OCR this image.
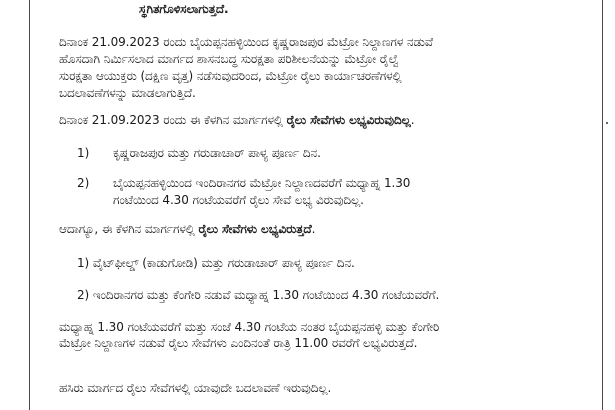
ಸ್ಥಗಿತಗೊಳಿಸಲಾಗುತ್ತದೆ.
ದಿನಾಂಕ 21.09.2023 ರಂದು ಬೈಯಪ್ಪನಹಳ್ಳಿಯಿಂದ ಕೃಷ್ಣರಾಜಪುರ ಮೆಟ್ರೋ ನಿಲ್ದಾಣಗಳ ನಡುವೆ
ಹೊಸದಾಗಿ ನಿರ್ಮಿಸಲಾದ ಮಾರ್ಗದ ಶಾಸನಬದ್ಧ ಸುರಕ್ಷತಾ ಪರಿಶೀಲನೆಯನ್ನು ಮೆಟ್ರೋ ರೈಲ್ವೆ
ಸುರಕ್ಷತಾ ಆಯುಕ್ತರು (ದಕ್ಷಿಣ ವೃತ್ತ) ನಡೆಸುವುದರಿಂದ, ಮೆಟ್ರೋ ರೈಲು ಕಾರ್ಯಾಚರಣೆಗಳಲ್ಲಿ
ಬದಲಾವಣೆಗಳನ್ನು ಮಾಡಲಾಗುತ್ತಿದೆ.
ದಿನಾಂಕ 21.09.2023 ರಂದು ಈ ಕೆಳಗಿನ ಮಾರ್ಗಗಳಲ್ಲಿ ರೈಲು ಸೇವೆಗಳು ಲಭ್ಯವಿರುವುದಿಲ್ಲ.
1) ಕೃಷ್ಣರಾಜಪುರ ಮತ್ತು ಗರುಡಾಚಾರ್ ಪಾಳ್ಯ ಪೂರ್ಣ ದಿನ.
2) ಬೈಯಪ್ಪನಹಳ್ಳಿಯಿಂದ ಇಂದಿರಾನಗರ ಮೆಟ್ರೋ ನಿಲ್ದಾಣದವರೆಗೆ ಮಧ್ಯಾಹ್ನ 1.30
ಗಂಟೆಯಿಂದ 4.30 ಗಂಟೆಯವರೆಗೆ ರೈಲು ಸೇವೆ ಲಭ್ಯ ವಿರುವುದಿಲ್ಲ.
ಆದಾಗ್ಯೂ, ಈ ಕೆಳಗಿನ ಮಾರ್ಗಗಳಲ್ಲಿ ರೈಲು ಸೇವೆಗಳು ಲಭ್ಯವಿರುತ್ತದೆ.
1) ವೈಟ್‌ಫೀಲ್ಡ್ (ಕಾಡುಗೋಡಿ) ಮತ್ತು ಗರುಡಾಚಾರ್ ಪಾಳ್ಯ ಪೂರ್ಣ ದಿನ.
2) ಇಂದಿರಾನಗರ ಮತ್ತು ಕೆಂಗೇರಿ ನಡುವೆ ಮಧ್ಯಾಹ್ನ 1.30 ಗಂಟೆಯಿಂದ 4.30 ಗಂಟೆಯವರೆಗೆ.
ಮಧ್ಯಾಹ್ನ 1.30 ಗಂಟೆಯವರೆಗೆ ಮತ್ತು ಸಂಜೆ 4.30 ಗಂಟೆಯ ನಂತರ ಬೈಯಪ್ಪನಹಳ್ಳಿ ಮತ್ತು ಕೆಂಗೇರಿ
ಮೆಟ್ರೋ ನಿಲ್ದಾಣಗಳ ನಡುವೆ ರೈಲು ಸೇವೆಗಳು ಎಂದಿನಂತೆ ರಾತ್ರಿ 11.00 ರವರೆಗೆ ಲಭ್ಯವಿರುತ್ತದೆ.
ಹಸಿರು ಮಾರ್ಗದ ರೈಲು ಸೇವೆಗಳಲ್ಲಿ ಯಾವುದೇ ಬದಲಾವಣೆ ಇರುವುದಿಲ್ಲ.
